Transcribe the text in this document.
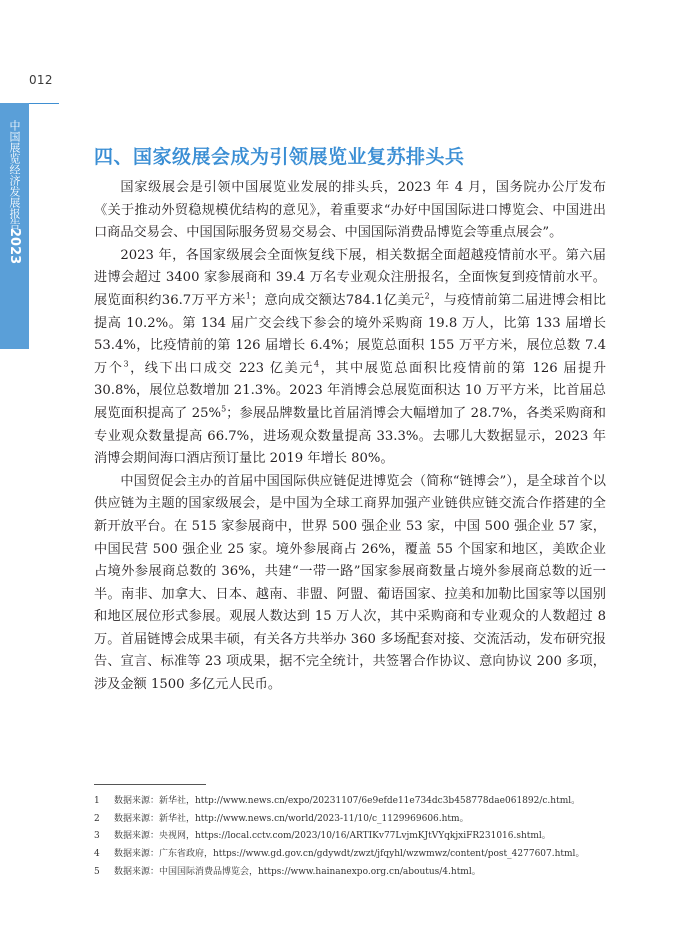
012
中国展览经济发展报告
2023
四、国家级展会成为引领展览业复苏排头兵

国家级展会是引领中国展览业发展的排头兵，2023 年 4 月，国务院办公厅发布《关于推动外贸稳规模优结构的意见》，着重要求“办好中国国际进口博览会、中国进出口商品交易会、中国国际服务贸易交易会、中国国际消费品博览会等重点展会”。

2023 年，各国家级展会全面恢复线下展，相关数据全面超越疫情前水平。第六届进博会超过 3400 家参展商和 39.4 万名专业观众注册报名，全面恢复到疫情前水平。展览面积约36.7万平方米$^1$；意向成交额达784.1亿美元$^2$，与疫情前第二届进博会相比提高 10.2%。第 134 届广交会线下参会的境外采购商 19.8 万人，比第 133 届增长 53.4%，比疫情前的第 126 届增长 6.4%；展览总面积 155 万平方米，展位总数 7.4 万个$^3$，线下出口成交 223 亿美元$^4$，其中展览总面积比疫情前的第 126 届提升 30.8%，展位总数增加 21.3%。2023 年消博会总展览面积达 10 万平方米，比首届总展览面积提高了 25%$^5$；参展品牌数量比首届消博会大幅增加了 28.7%，各类采购商和专业观众数量提高 66.7%，进场观众数量提高 33.3%。去哪儿大数据显示，2023 年消博会期间海口酒店预订量比 2019 年增长 80%。

中国贸促会主办的首届中国国际供应链促进博览会（简称“链博会”），是全球首个以供应链为主题的国家级展会，是中国为全球工商界加强产业链供应链交流合作搭建的全新开放平台。在 515 家参展商中，世界 500 强企业 53 家，中国 500 强企业 57 家，中国民营 500 强企业 25 家。境外参展商占 26%，覆盖 55 个国家和地区，美欧企业占境外参展商总数的 36%，共建“一带一路”国家参展商数量占境外参展商总数的近一半。南非、加拿大、日本、越南、非盟、阿盟、葡语国家、拉美和加勒比国家等以国别和地区展位形式参展。观展人数达到 15 万人次，其中采购商和专业观众的人数超过 8 万。首届链博会成果丰硕，有关各方共举办 360 多场配套对接、交流活动，发布研究报告、宣言、标准等 23 项成果，据不完全统计，共签署合作协议、意向协议 200 多项，涉及金额 1500 多亿元人民币。

1 数据来源：新华社，http://www.news.cn/expo/20231107/6e9efde11e734dc3b458778dae061892/c.html。
2 数据来源：新华社，http://www.news.cn/world/2023-11/10/c_1129969606.htm。
3 数据来源：央视网，https://local.cctv.com/2023/10/16/ARTIKv77LvjmKJtVYqkjxiFR231016.shtml。
4 数据来源：广东省政府，https://www.gd.gov.cn/gdywdt/zwzt/jfqyhl/wzwmwz/content/post_4277607.html。
5 数据来源：中国国际消费品博览会，https://www.hainanexpo.org.cn/aboutus/4.html。
